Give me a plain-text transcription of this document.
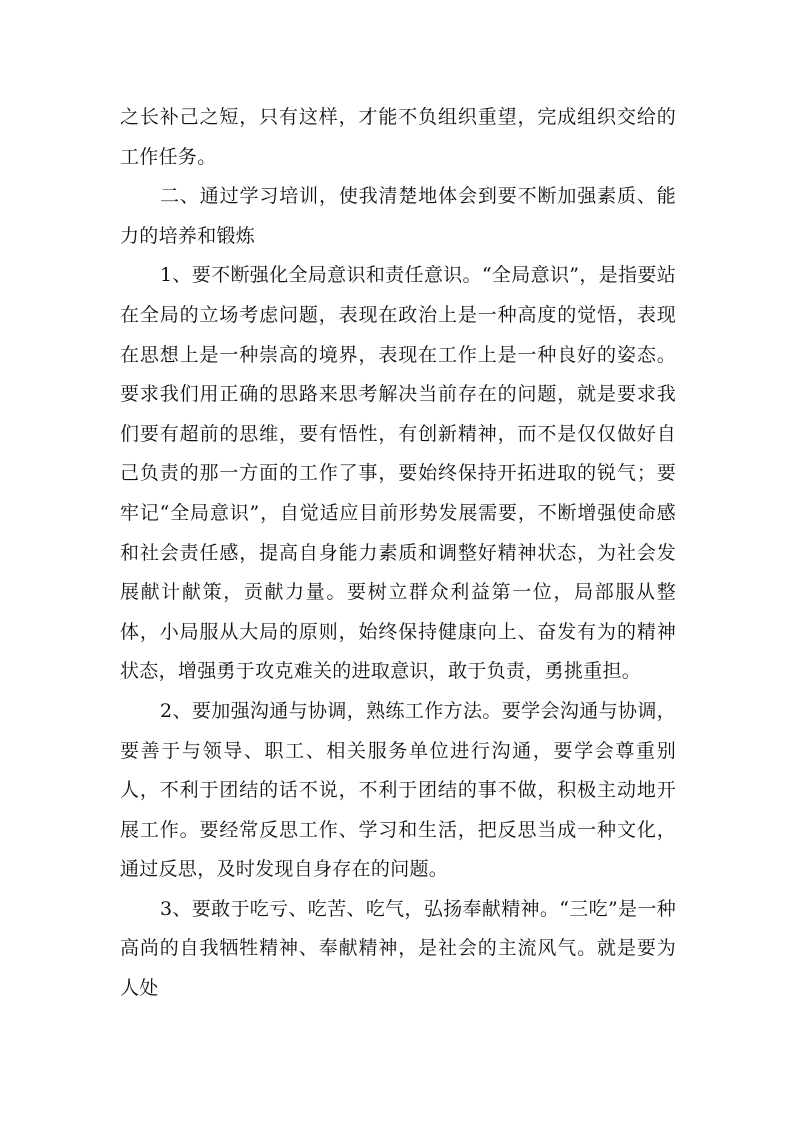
之长补己之短，只有这样，才能不负组织重望，完成组织交给的工作任务。

二、通过学习培训，使我清楚地体会到要不断加强素质、能力的培养和锻炼

1、要不断强化全局意识和责任意识。“全局意识”，是指要站在全局的立场考虑问题，表现在政治上是一种高度的觉悟，表现在思想上是一种崇高的境界，表现在工作上是一种良好的姿态。要求我们用正确的思路来思考解决当前存在的问题，就是要求我们要有超前的思维，要有悟性，有创新精神，而不是仅仅做好自己负责的那一方面的工作了事，要始终保持开拓进取的锐气；要牢记“全局意识”，自觉适应目前形势发展需要，不断增强使命感和社会责任感，提高自身能力素质和调整好精神状态，为社会发展献计献策，贡献力量。要树立群众利益第一位，局部服从整体，小局服从大局的原则，始终保持健康向上、奋发有为的精神状态，增强勇于攻克难关的进取意识，敢于负责，勇挑重担。

2、要加强沟通与协调，熟练工作方法。要学会沟通与协调，要善于与领导、职工、相关服务单位进行沟通，要学会尊重别人，不利于团结的话不说，不利于团结的事不做，积极主动地开展工作。要经常反思工作、学习和生活，把反思当成一种文化，通过反思，及时发现自身存在的问题。

3、要敢于吃亏、吃苦、吃气，弘扬奉献精神。“三吃”是一种高尚的自我牺牲精神、奉献精神，是社会的主流风气。就是要为人处
